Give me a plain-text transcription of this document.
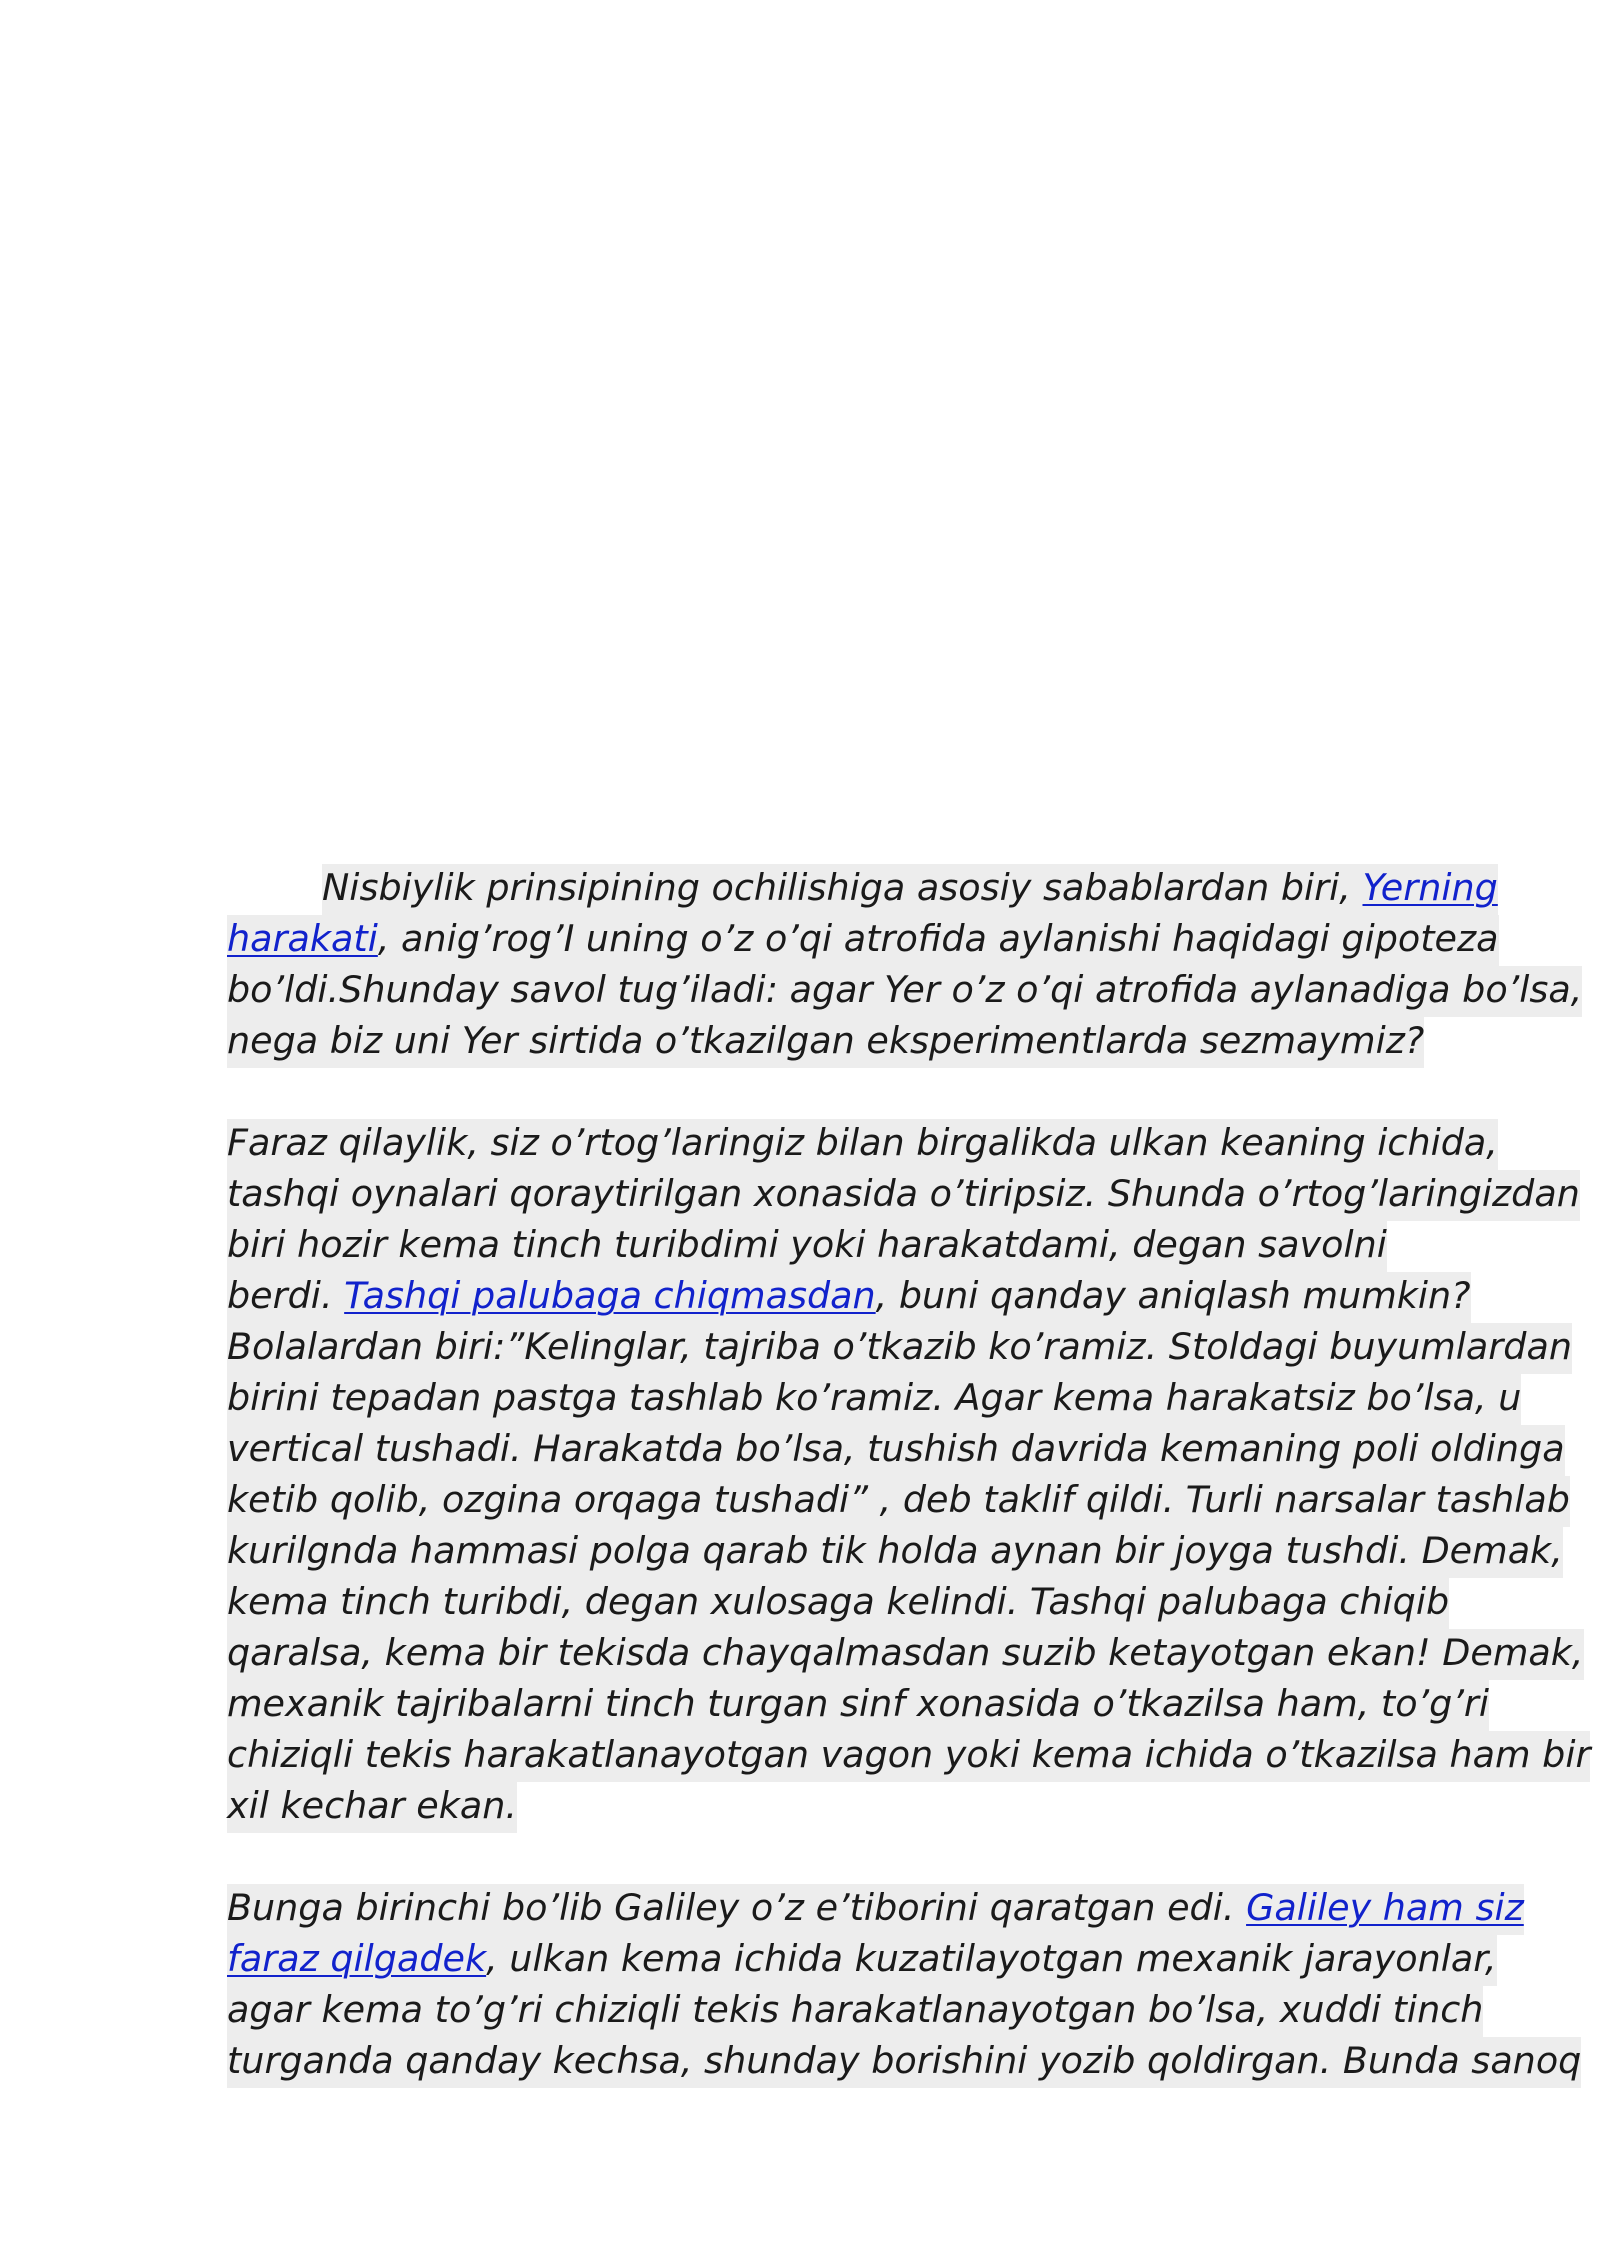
Nisbiylik prinsipining ochilishiga asosiy sabablardan biri, Yerning
harakati, anig’rog’I uning o’z o’qi atrofida aylanishi haqidagi gipoteza
bo’ldi.Shunday savol tug’iladi: agar Yer o’z o’qi atrofida aylanadiga bo’lsa,
nega biz uni Yer sirtida o’tkazilgan eksperimentlarda sezmaymiz?
Faraz qilaylik, siz o’rtog’laringiz bilan birgalikda ulkan keaning ichida,
tashqi oynalari qoraytirilgan xonasida o’tiripsiz. Shunda o’rtog’laringizdan
biri hozir kema tinch turibdimi yoki harakatdami, degan savolni
berdi. Tashqi palubaga chiqmasdan, buni qanday aniqlash mumkin?
Bolalardan biri:”Kelinglar, tajriba o’tkazib ko’ramiz. Stoldagi buyumlardan
birini tepadan pastga tashlab ko’ramiz. Agar kema harakatsiz bo’lsa, u
vertical tushadi. Harakatda bo’lsa, tushish davrida kemaning poli oldinga
ketib qolib, ozgina orqaga tushadi” , deb taklif qildi. Turli narsalar tashlab
kurilgnda hammasi polga qarab tik holda aynan bir joyga tushdi. Demak,
kema tinch turibdi, degan xulosaga kelindi. Tashqi palubaga chiqib
qaralsa, kema bir tekisda chayqalmasdan suzib ketayotgan ekan! Demak,
mexanik tajribalarni tinch turgan sinf xonasida o’tkazilsa ham, to’g’ri
chiziqli tekis harakatlanayotgan vagon yoki kema ichida o’tkazilsa ham bir
xil kechar ekan.
Bunga birinchi bo’lib Galiley o’z e’tiborini qaratgan edi. Galiley ham siz
faraz qilgadek, ulkan kema ichida kuzatilayotgan mexanik jarayonlar,
agar kema to’g’ri chiziqli tekis harakatlanayotgan bo’lsa, xuddi tinch
turganda qanday kechsa, shunday borishini yozib qoldirgan. Bunda sanoq
